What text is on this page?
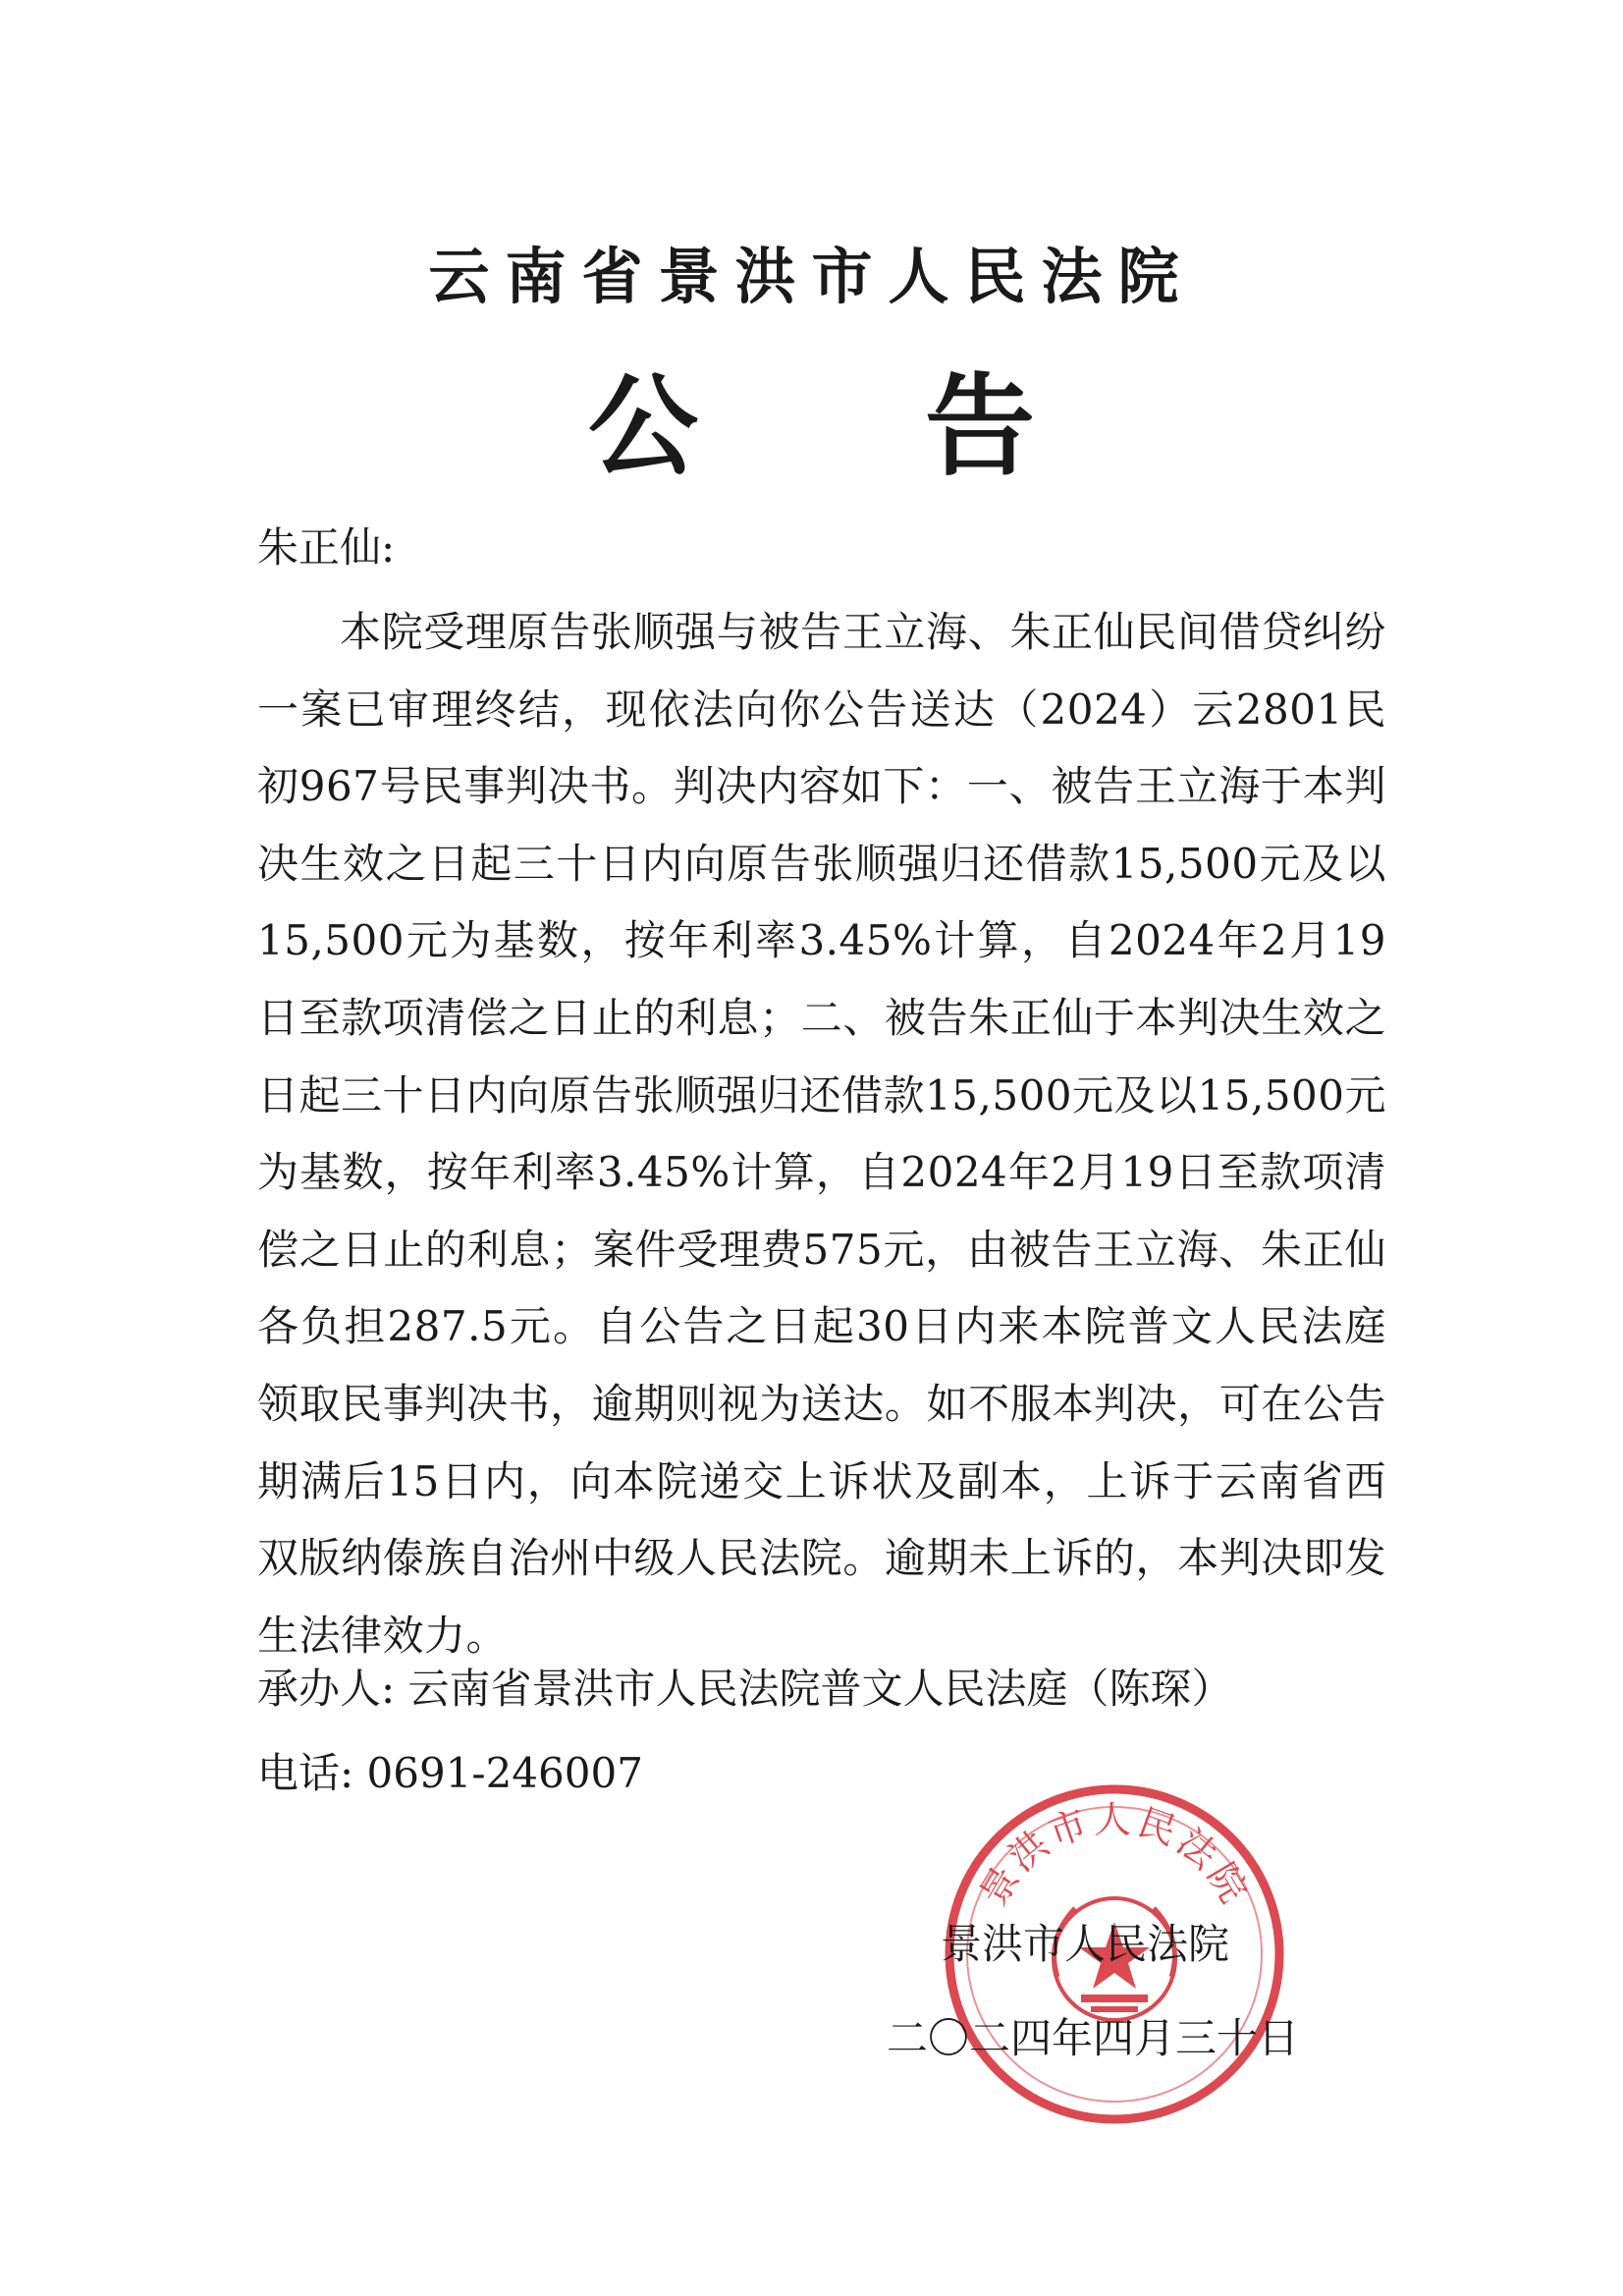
云南省景洪市人民法院
公 告
朱正仙:

本院受理原告张顺强与被告王立海、朱正仙民间借贷纠纷一案已审理终结，现依法向你公告送达（2024）云2801民初967号民事判决书。判决内容如下：一、被告王立海于本判决生效之日起三十日内向原告张顺强归还借款15,500元及以15,500元为基数，按年利率3.45%计算，自2024年2月19日至款项清偿之日止的利息；二、被告朱正仙于本判决生效之日起三十日内向原告张顺强归还借款15,500元及以15,500元为基数，按年利率3.45%计算，自2024年2月19日至款项清偿之日止的利息；案件受理费575元，由被告王立海、朱正仙各负担287.5元。自公告之日起30日内来本院普文人民法庭领取民事判决书，逾期则视为送达。如不服本判决，可在公告期满后15日内，向本院递交上诉状及副本，上诉于云南省西双版纳傣族自治州中级人民法院。逾期未上诉的，本判决即发生法律效力。

承办人: 云南省景洪市人民法院普文人民法庭（陈琛）
电话: 0691-246007
景洪市人民法院
景洪市人民法院
二〇二四年四月三十日
